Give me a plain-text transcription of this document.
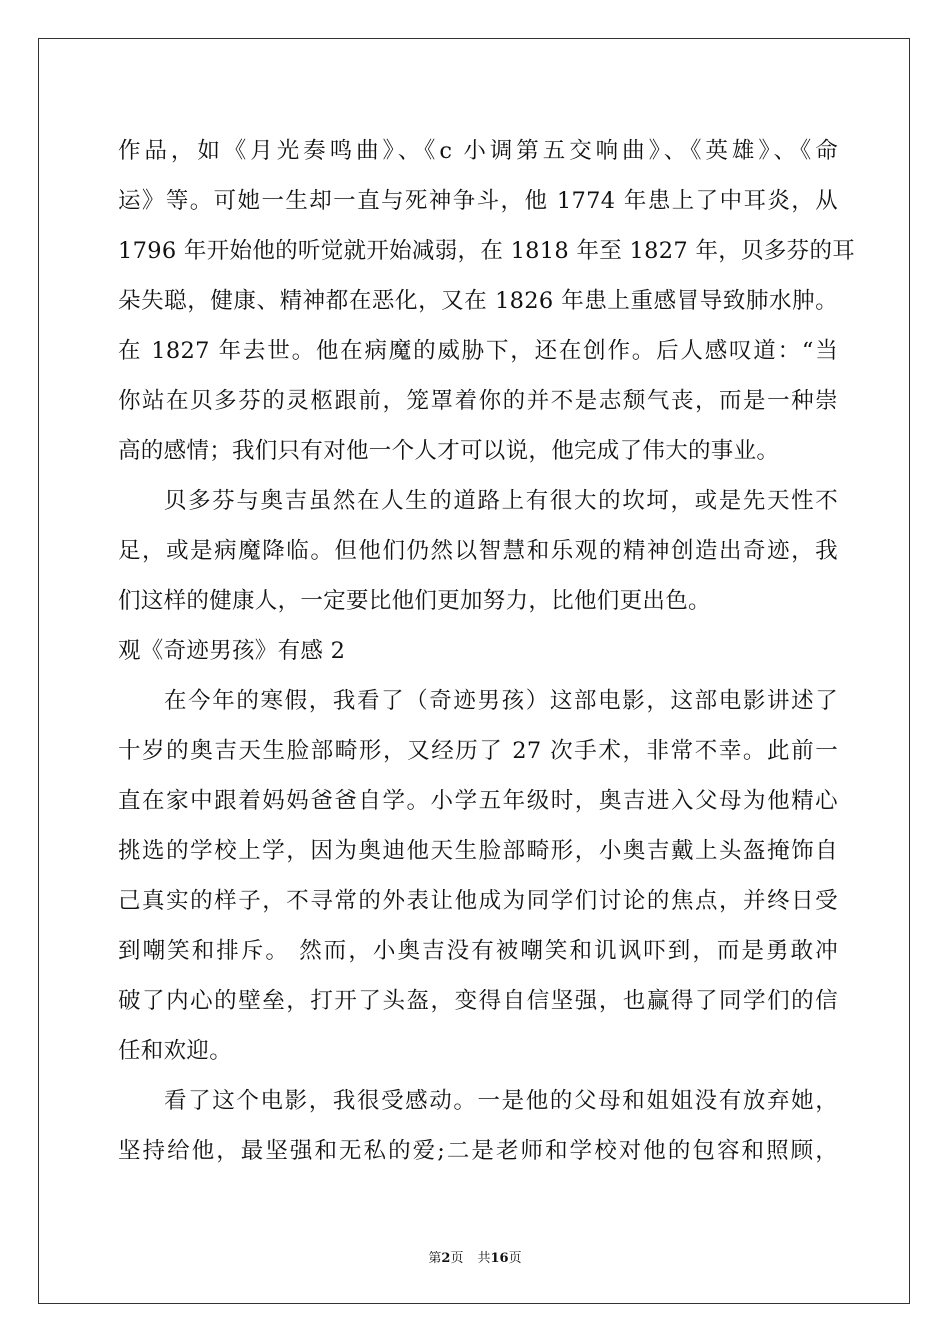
作品，如《月光奏鸣曲》、《c 小调第五交响曲》、《英雄》、《命
运》等。可她一生却一直与死神争斗，他 1774 年患上了中耳炎，从
1796 年开始他的听觉就开始减弱，在 1818 年至 1827 年，贝多芬的耳
朵失聪，健康、精神都在恶化，又在 1826 年患上重感冒导致肺水肿。
在 1827 年去世。他在病魔的威胁下，还在创作。后人感叹道：“当
你站在贝多芬的灵柩跟前，笼罩着你的并不是志颓气丧，而是一种崇
高的感情；我们只有对他一个人才可以说，他完成了伟大的事业。
贝多芬与奥吉虽然在人生的道路上有很大的坎坷，或是先天性不
足，或是病魔降临。但他们仍然以智慧和乐观的精神创造出奇迹，我
们这样的健康人，一定要比他们更加努力，比他们更出色。
观《奇迹男孩》有感 2
在今年的寒假，我看了（奇迹男孩）这部电影，这部电影讲述了
十岁的奥吉天生脸部畸形，又经历了 27 次手术，非常不幸。此前一
直在家中跟着妈妈爸爸自学。小学五年级时，奥吉进入父母为他精心
挑选的学校上学，因为奥迪他天生脸部畸形，小奥吉戴上头盔掩饰自
己真实的样子，不寻常的外表让他成为同学们讨论的焦点，并终日受
到嘲笑和排斥。 然而，小奥吉没有被嘲笑和讥讽吓到，而是勇敢冲
破了内心的壁垒，打开了头盔，变得自信坚强，也赢得了同学们的信
任和欢迎。
看了这个电影，我很受感动。一是他的父母和姐姐没有放弃她，
坚持给他，最坚强和无私的爱;二是老师和学校对他的包容和照顾，
第2页 共16页
